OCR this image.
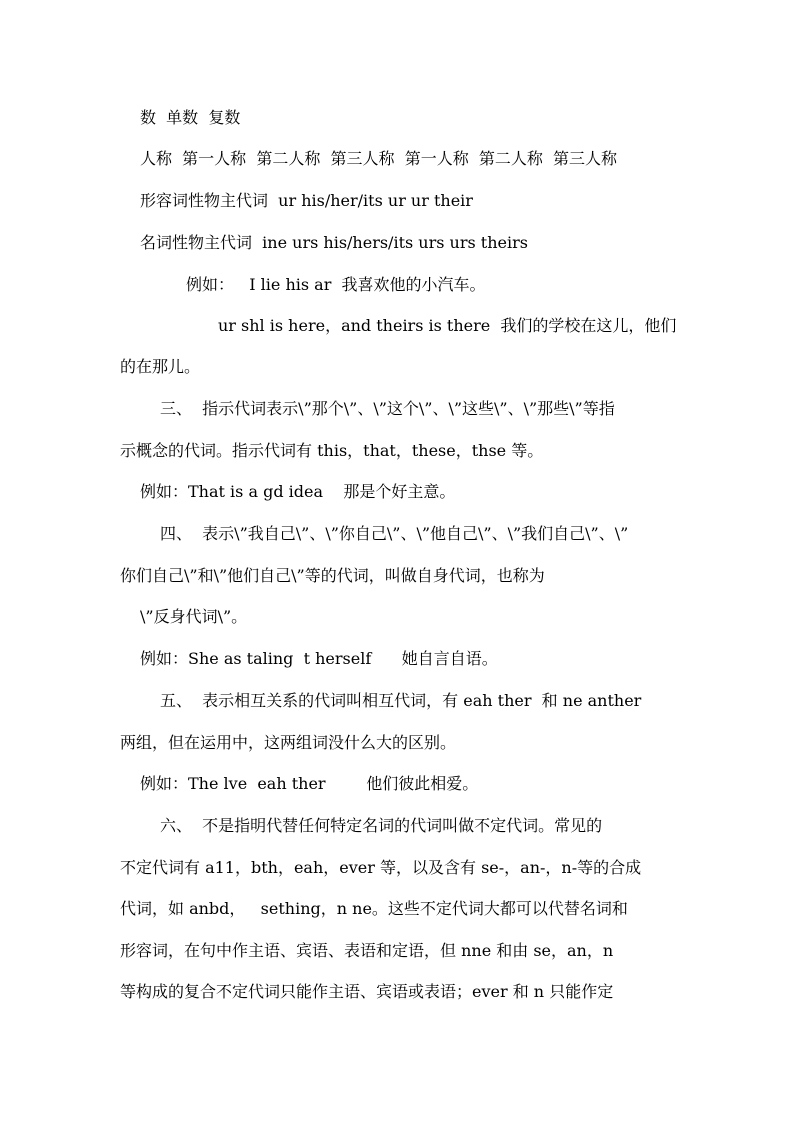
数  单数  复数
人称  第一人称  第二人称  第三人称  第一人称  第二人称  第三人称
形容词性物主代词  ur his/her/its ur ur their
名词性物主代词  ine urs his/hers/its urs urs theirs
例如：   I lie his ar  我喜欢他的小汽车。
ur shl is here，and theirs is there  我们的学校在这儿，他们
的在那儿。
三、  指示代词表示\”那个\”、\”这个\”、\”这些\”、\”那些\”等指
示概念的代词。指示代词有 this，that，these，thse 等。
例如：That is a gd idea    那是个好主意。
四、  表示\”我自己\”、\”你自己\”、\”他自己\”、\”我们自己\”、\”
你们自己\”和\”他们自己\”等的代词，叫做自身代词，也称为
\”反身代词\”。
例如：She as taling  t herself      她自言自语。
五、  表示相互关系的代词叫相互代词，有 eah ther  和 ne anther
两组，但在运用中，这两组词没什么大的区别。
例如：The lve  eah ther        他们彼此相爱。
六、  不是指明代替任何特定名词的代词叫做不定代词。常见的
不定代词有 a11，bth，eah，ever 等，以及含有 se-，an-，n-等的合成
代词，如 anbd，   sething，n ne。这些不定代词大都可以代替名词和
形容词，在句中作主语、宾语、表语和定语，但 nne 和由 se，an，n
等构成的复合不定代词只能作主语、宾语或表语；ever 和 n 只能作定
